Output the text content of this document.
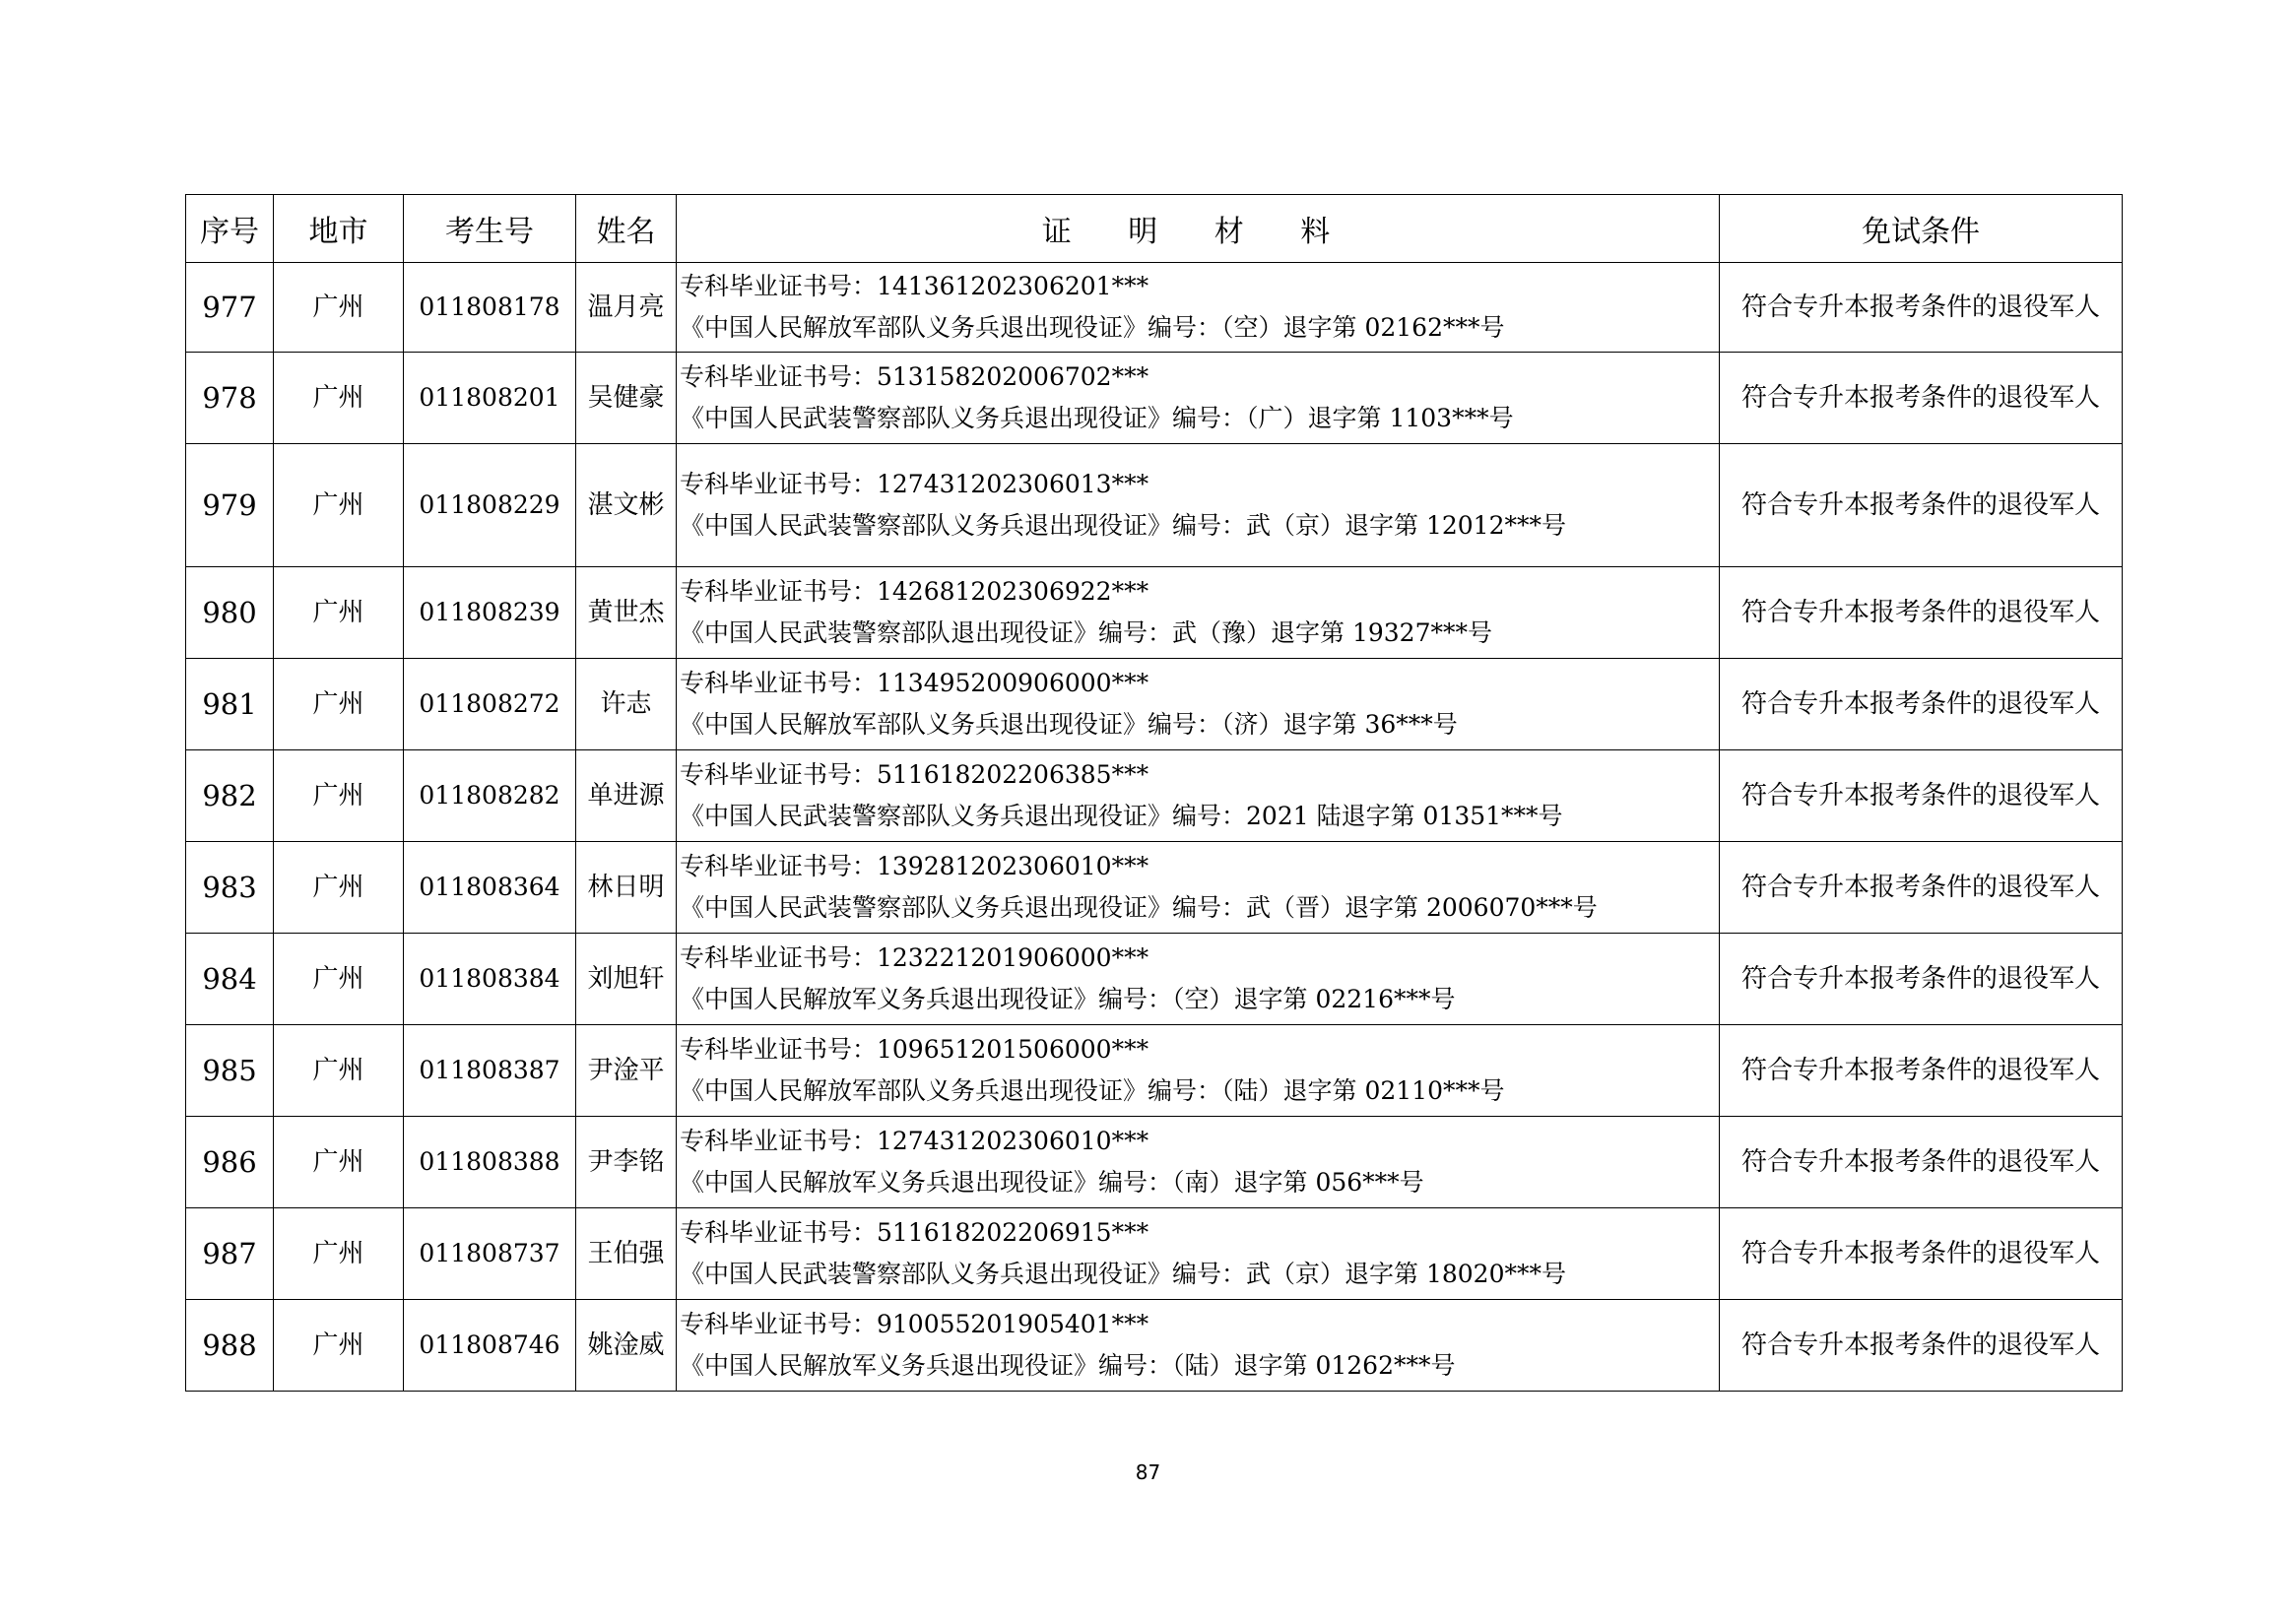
序号	地市	考生号	姓名	证 明 材 料	免试条件
977	广州	011808178	温月亮	专科毕业证书号：141361202306201***
《中国人民解放军部队义务兵退出现役证》编号：（空）退字第 02162***号	符合专升本报考条件的退役军人
978	广州	011808201	吴健豪	专科毕业证书号：513158202006702***
《中国人民武装警察部队义务兵退出现役证》编号：（广）退字第 1103***号	符合专升本报考条件的退役军人
979	广州	011808229	湛文彬	专科毕业证书号：127431202306013***
《中国人民武装警察部队义务兵退出现役证》编号：武（京）退字第 12012***号	符合专升本报考条件的退役军人
980	广州	011808239	黄世杰	专科毕业证书号：142681202306922***
《中国人民武装警察部队退出现役证》编号：武（豫）退字第 19327***号	符合专升本报考条件的退役军人
981	广州	011808272	许志	专科毕业证书号：113495200906000***
《中国人民解放军部队义务兵退出现役证》编号：（济）退字第 36***号	符合专升本报考条件的退役军人
982	广州	011808282	单进源	专科毕业证书号：511618202206385***
《中国人民武装警察部队义务兵退出现役证》编号：2021 陆退字第 01351***号	符合专升本报考条件的退役军人
983	广州	011808364	林日明	专科毕业证书号：139281202306010***
《中国人民武装警察部队义务兵退出现役证》编号：武（晋）退字第 2006070***号	符合专升本报考条件的退役军人
984	广州	011808384	刘旭轩	专科毕业证书号：123221201906000***
《中国人民解放军义务兵退出现役证》编号：（空）退字第 02216***号	符合专升本报考条件的退役军人
985	广州	011808387	尹淦平	专科毕业证书号：109651201506000***
《中国人民解放军部队义务兵退出现役证》编号：（陆）退字第 02110***号	符合专升本报考条件的退役军人
986	广州	011808388	尹李铭	专科毕业证书号：127431202306010***
《中国人民解放军义务兵退出现役证》编号：（南）退字第 056***号	符合专升本报考条件的退役军人
987	广州	011808737	王伯强	专科毕业证书号：511618202206915***
《中国人民武装警察部队义务兵退出现役证》编号：武（京）退字第 18020***号	符合专升本报考条件的退役军人
988	广州	011808746	姚淦威	专科毕业证书号：910055201905401***
《中国人民解放军义务兵退出现役证》编号：（陆）退字第 01262***号	符合专升本报考条件的退役军人
87
